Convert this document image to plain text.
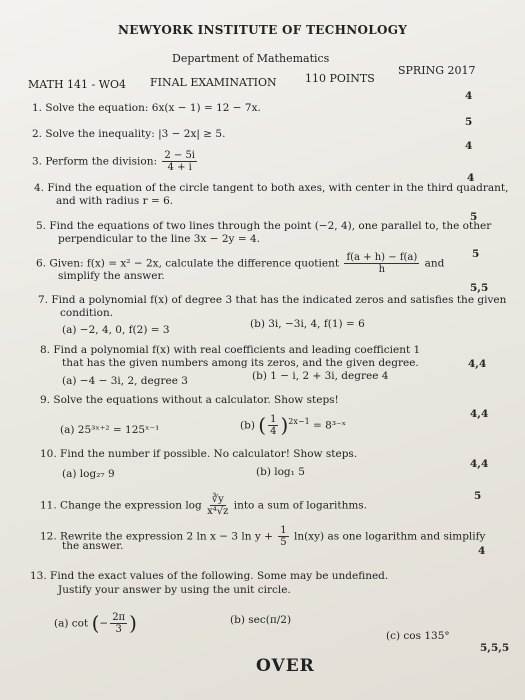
NEWYORK INSTITUTE OF TECHNOLOGY
Department of Mathematics
MATH 141 - WO4 FINAL EXAMINATION	110 POINTS
SPRING 2017
1. Solve the equation: 6x(x − 1) = 12 − 7x.
4
2. Solve the inequality: |3 − 2x| ≥ 5.
5
3. Perform the division: $\frac{2 - 5i}{4 + i}$
4
4. Find the equation of the circle tangent to both axes, with center in the third quadrant,
and with radius r = 6.
4
5. Find the equations of two lines through the point (−2, 4), one parallel to, the other
perpendicular to the line 3x − 2y = 4.
5
6. Given: f(x) = x² − 2x, calculate the difference quotient $\frac{f(a + h) - f(a)}{h}$ and
simplify the answer.
5
7. Find a polynomial f(x) of degree 3 that has the indicated zeros and satisfies the given
condition.
(a) −2, 4, 0, f(2) = 3	(b) 3i, −3i, 4, f(1) = 6
5,5
8. Find a polynomial f(x) with real coefficients and leading coefficient 1
that has the given numbers among its zeros, and the given degree.
(a) −4 − 3i, 2, degree 3	(b) 1 − i, 2 + 3i, degree 4
4,4
9. Solve the equations without a calculator. Show steps!
(a) 25³ˣ⁺² = 125ˣ⁻¹	(b) ( $\frac{1}{4} )^{2x-1}$ = 8³⁻ˣ
4,4
10. Find the number if possible. No calculator! Show steps.
(a) log₂₇ 9	(b) log₁ 5
4,4
11. Change the expression $\log \frac{∛y}{\text{x⁴√z}}$ into a sum of logarithms.
5
12. Rewrite the expression 2 ln x − 3 $\ln y + \frac{1}{5} \ln(xy)$ as one logarithm and simplify
the answer.	4
13. Find the exact values of the following. Some may be undefined.
Justify your answer by using the unit circle.
(a) cot (− $\frac{2\pi}{3}$ )	(b) sec(π/2)
(c) cos 135°
5,5,5
OVER
